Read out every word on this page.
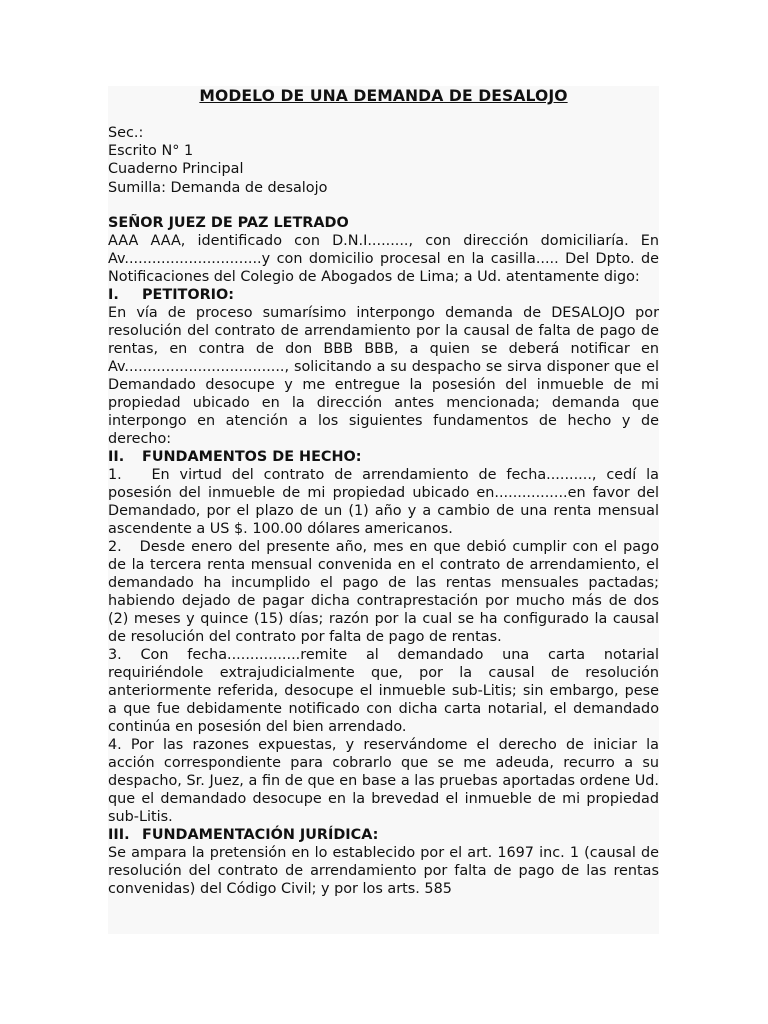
MODELO DE UNA DEMANDA DE DESALOJO
Sec.:
Escrito N° 1
Cuaderno Principal
Sumilla: Demanda de desalojo
SEÑOR JUEZ DE PAZ LETRADO

AAA AAA, identificado con D.N.I........., con dirección domiciliaría. En Av..............................y con domicilio procesal en la casilla..... Del Dpto. de Notificaciones del Colegio de Abogados de Lima; a Ud. atentamente digo:

I. PETITORIO:

En vía de proceso sumarísimo interpongo demanda de DESALOJO por resolución del contrato de arrendamiento por la causal de falta de pago de rentas, en contra de don BBB BBB, a quien se deberá notificar en Av..................................., solicitando a su despacho se sirva disponer que el Demandado desocupe y me entregue la posesión del inmueble de mi propiedad ubicado en la dirección antes mencionada; demanda que interpongo en atención a los siguientes fundamentos de hecho y de derecho:

II. FUNDAMENTOS DE HECHO:

1.   En virtud del contrato de arrendamiento de fecha.........., cedí la posesión del inmueble de mi propiedad ubicado en................en favor del Demandado, por el plazo de un (1) año y a cambio de una renta mensual ascendente a US $. 100.00 dólares americanos.

2.   Desde enero del presente año, mes en que debió cumplir con el pago de la tercera renta mensual convenida en el contrato de arrendamiento, el demandado ha incumplido el pago de las rentas mensuales pactadas; habiendo dejado de pagar dicha contraprestación por mucho más de dos (2) meses y quince (15) días; razón por la cual se ha configurado la causal de resolución del contrato por falta de pago de rentas.

3. Con fecha................remite al demandado una carta notarial requiriéndole extrajudicialmente que, por la causal de resolución anteriormente referida, desocupe el inmueble sub-Litis; sin embargo, pese a que fue debidamente notificado con dicha carta notarial, el demandado continúa en posesión del bien arrendado.

4. Por las razones expuestas, y reservándome el derecho de iniciar la acción correspondiente para cobrarlo que se me adeuda, recurro a su despacho, Sr. Juez, a fin de que en base a las pruebas aportadas ordene Ud. que el demandado desocupe en la brevedad el inmueble de mi propiedad sub-Litis.

III. FUNDAMENTACIÓN JURÍDICA:

Se ampara la pretensión en lo establecido por el art. 1697 inc. 1 (causal de resolución del contrato de arrendamiento por falta de pago de las rentas convenidas) del Código Civil; y por los arts. 585
